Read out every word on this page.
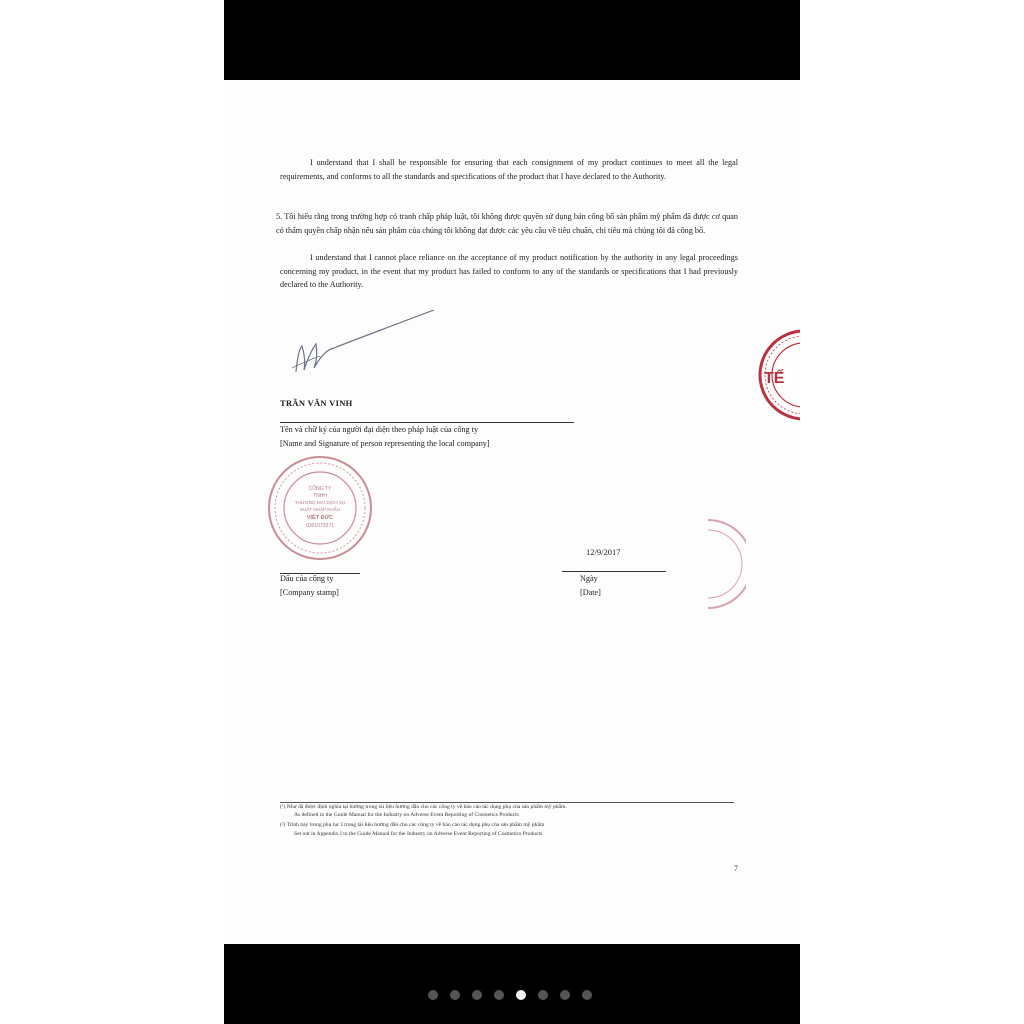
I understand that I shall be responsible for ensuring that each consignment of my product continues to meet all the legal requirements, and conforms to all the standards and specifications of the product that I have declared to the Authority.

5. Tôi hiểu rằng trong trường hợp có tranh chấp pháp luật, tôi không được quyền sử dụng bản công bố sản phẩm mỹ phẩm đã được cơ quan có thẩm quyền chấp nhận nếu sản phẩm của chúng tôi không đạt được các yêu cầu về tiêu chuẩn, chỉ tiêu mà chúng tôi đã công bố.

I understand that I cannot place reliance on the acceptance of my product notification by the authority in any legal proceedings concerning my product, in the event that my product has failed to conform to any of the standards or specifications that I had previously declared to the Authority.

TRẦN VĂN VINH
Tên và chữ ký của người đại diện theo pháp luật của công ty
[Name and Signature of person representing the local company]
CÔNG TY
TNHH
THƯƠNG MẠI DỊCH VỤ
XUẤT NHẬP KHẨU
VIỆT ĐỨC
0301073371
12/9/2017
Dấu của công ty
[Company stamp]
Ngày
[Date]
TẾ
(¹) Như đã được định nghĩa tại hướng trong tài liệu hướng dẫn cho các công ty về báo cáo tác dụng phụ của sản phẩm mỹ phẩm.
As defined in the Guide Manual for the Industry on Adverse Event Reporting of Cosmetics Products
(²) Trình bày trong phụ lục I trong tài liệu hướng dẫn cho các công ty về báo cáo tác dụng phụ của sản phẩm mỹ phẩm
Set out in Appendix I to the Guide Manual for the Industry on Adverse Event Reporting of Cosmetics Products
7
